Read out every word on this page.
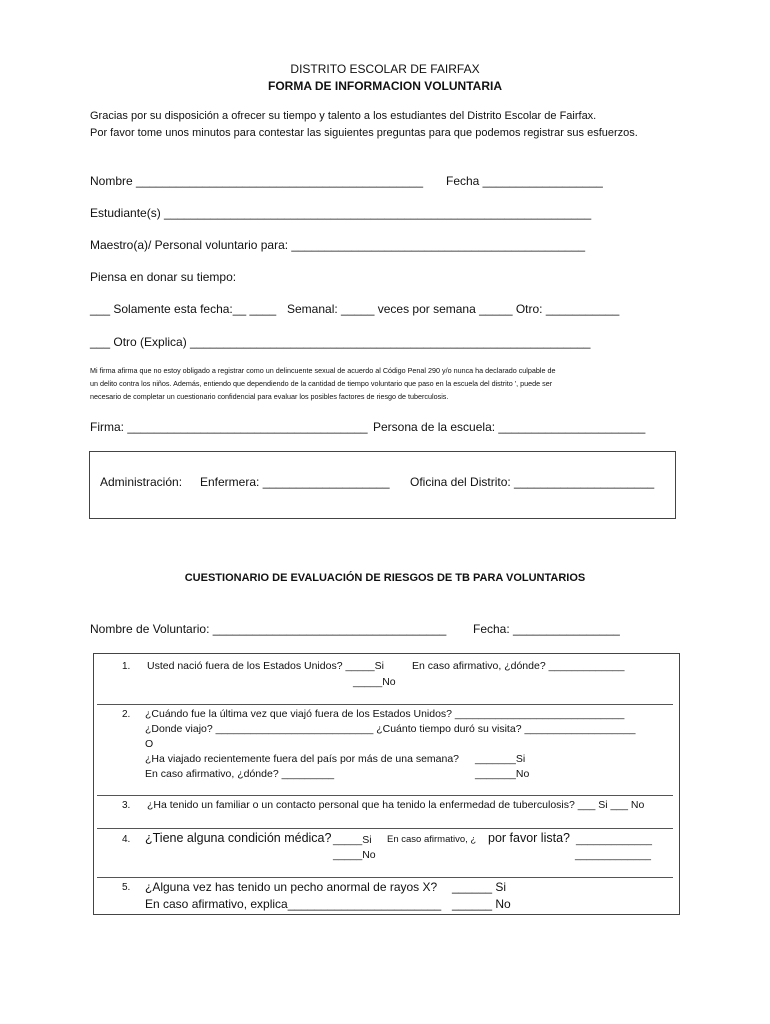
DISTRITO ESCOLAR DE FAIRFAX
FORMA DE INFORMACION VOLUNTARIA
Gracias por su disposición a ofrecer su tiempo y talento a los estudiantes del Distrito Escolar de Fairfax.
Por favor tome unos minutos para contestar las siguientes preguntas para que podemos registrar sus esfuerzos.
Nombre ___________________________________________ Fecha __________________
Estudiante(s) ________________________________________________________________
Maestro(a)/ Personal voluntario para: ____________________________________________
Piensa en donar su tiempo:
___ Solamente esta fecha:__ ____ Semanal: _____ veces por semana _____ Otro: ___________
___ Otro (Explica) ____________________________________________________________
Mi firma afirma que no estoy obligado a registrar como un delincuente sexual de acuerdo al Código Penal 290 y/o nunca ha declarado culpable de
un delito contra los niños. Además, entiendo que dependiendo de la cantidad de tiempo voluntario que paso en la escuela del distrito ', puede ser
necesario de completar un cuestionario confidencial para evaluar los posibles factores de riesgo de tuberculosis.
Firma: ____________________________________ Persona de la escuela: ______________________
Administración: Enfermera: ___________________ Oficina del Distrito: _____________________
CUESTIONARIO DE EVALUACIÓN DE RIESGOS DE TB PARA VOLUNTARIOS
Nombre de Voluntario: ___________________________________ Fecha: ________________
1. Usted nació fuera de los Estados Unidos? _____Si	En caso afirmativo, ¿dónde? _____________
_____No
2. ¿Cuándo fue la última vez que viajó fuera de los Estados Unidos? _____________________________
¿Donde viajo? ___________________________ ¿Cuánto tiempo duró su visita? ___________________
O
¿Ha viajado recientemente fuera del país por más de una semana? _______Si
En caso afirmativo, ¿dónde? _________	_______No
3. ¿Ha tenido un familiar o un contacto personal que ha tenido la enfermedad de tuberculosis? ___ Si ___ No
4. ¿Tiene alguna condición médica? _____Si En caso afirmativo, ¿ por favor lista? _____________
_____No	_____________
5. ¿Alguna vez has tenido un pecho anormal de rayos X? ______ Si
En caso afirmativo, explica_______________________ ______ No
